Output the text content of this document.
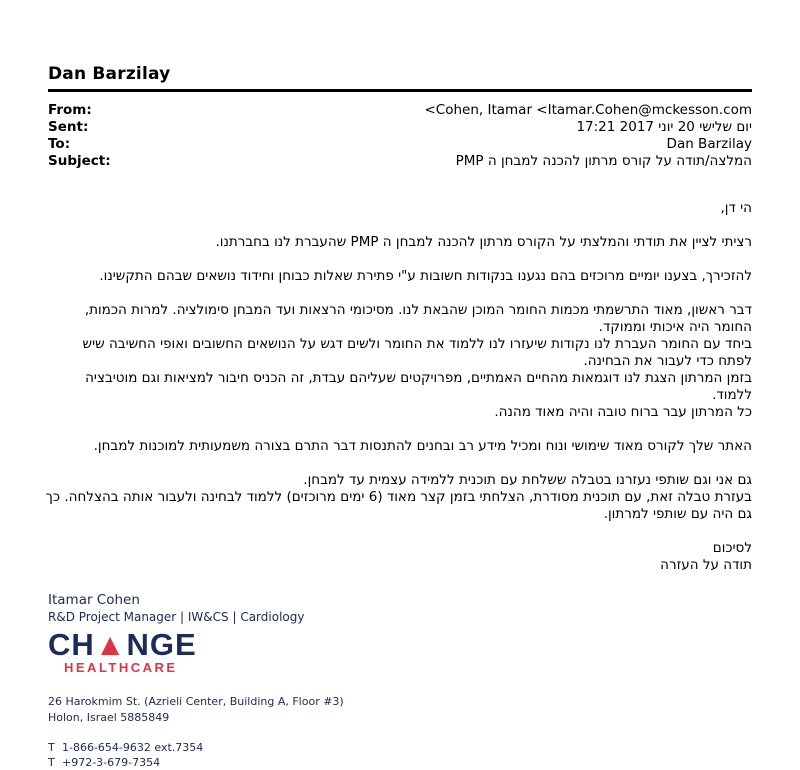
Dan Barzilay
From:	Cohen, Itamar <Itamar.Cohen@mckesson.com>
Sent:	יום שלישי 20 יוני 2017 17:21
To:	Dan Barzilay
Subject:	המלצה/תודה על קורס מרתון להכנה למבחן ה PMP

הי דן,

רציתי לציין את תודתי והמלצתי על הקורס מרתון להכנה למבחן ה PMP שהעברת לנו בחברתנו.

להזכירך, בצענו יומיים מרוכזים בהם נגענו בנקודות חשובות ע"י פתירת שאלות כבוחן וחידוד נושאים שבהם התקשינו.

דבר ראשון, מאוד התרשמתי מכמות החומר המוכן שהבאת לנו. מסיכומי הרצאות ועד המבחן סימולציה. למרות הכמות,
החומר היה איכותי וממוקד.
ביחד עם החומר העברת לנו נקודות שיעזרו לנו ללמוד את החומר ולשים דגש על הנושאים החשובים ואופי החשיבה שיש
לפתח כדי לעבור את הבחינה.
בזמן המרתון הצגת לנו דוגמאות מהחיים האמתיים, מפרויקטים שעליהם עבדת, זה הכניס חיבור למציאות וגם מוטיבציה
ללמוד.
כל המרתון עבר ברוח טובה והיה מאוד מהנה.

האתר שלך לקורס מאוד שימושי ונוח ומכיל מידע רב ובחנים להתנסות דבר התרם בצורה משמעותית למוכנות למבחן.

גם אני וגם שותפי נעזרנו בטבלה ששלחת עם תוכנית ללמידה עצמית עד למבחן.
בעזרת טבלה זאת, עם תוכנית מסודרת, הצלחתי בזמן קצר מאוד (6 ימים מרוכזים) ללמוד לבחינה ולעבור אותה בהצלחה. כך
גם היה עם שותפי למרתון.

לסיכום
תודה על העזרה

Itamar Cohen
R&D Project Manager | IW&CS | Cardiology
CH▲NGE
HEALTHCARE
26 Harokmim St. (Azrieli Center, Building A, Floor #3)
Holon, Israel 5885849
T 1-866-654-9632 ext.7354
T +972-3-679-7354
